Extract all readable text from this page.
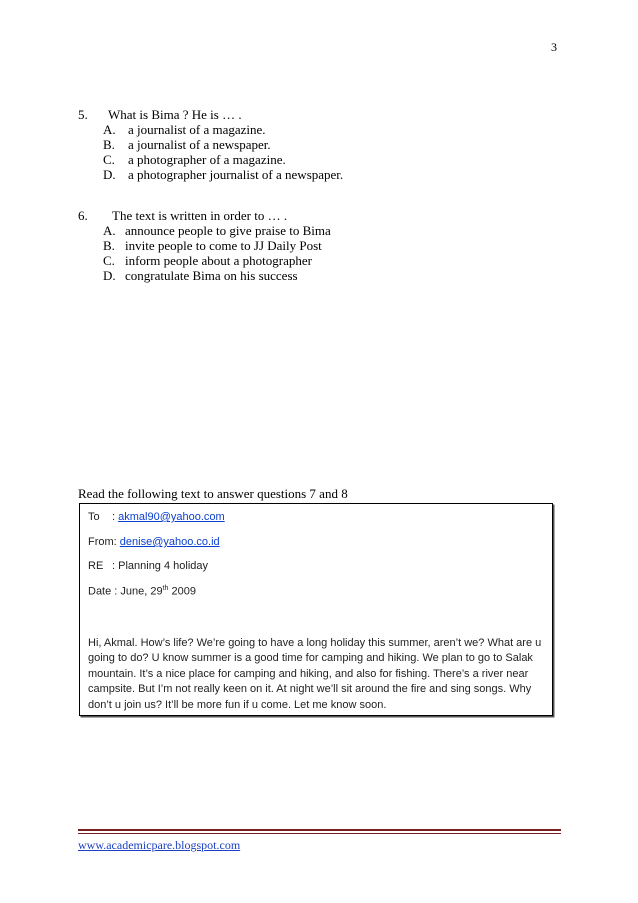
3
5.	What is Bima ? He is … .
A. a journalist of a magazine.
B.	a journalist of a newspaper.
C.	a photographer of a magazine.
D. a photographer journalist of a newspaper.
6.	The text is written in order to … .
A. announce people to give praise to Bima
B. invite people to come to JJ Daily Post
C. inform people about a photographer
D. congratulate Bima on his success
Read the following text to answer questions 7 and 8
To : akmal90@yahoo.com
From: denise@yahoo.co.id
RE : Planning 4 holiday
Date : June, 29th 2009
Hi, Akmal. How’s life? We’re going to have a long holiday this summer, aren’t we? What are u going to do? U know summer is a good time for camping and hiking. We plan to go to Salak mountain. It’s a nice place for camping and hiking, and also for fishing. There’s a river near campsite. But I’m not really keen on it. At night we’ll sit around the fire and sing songs. Why don’t u join us? It’ll be more fun if u come. Let me know soon.
www.academicpare.blogspot.com
